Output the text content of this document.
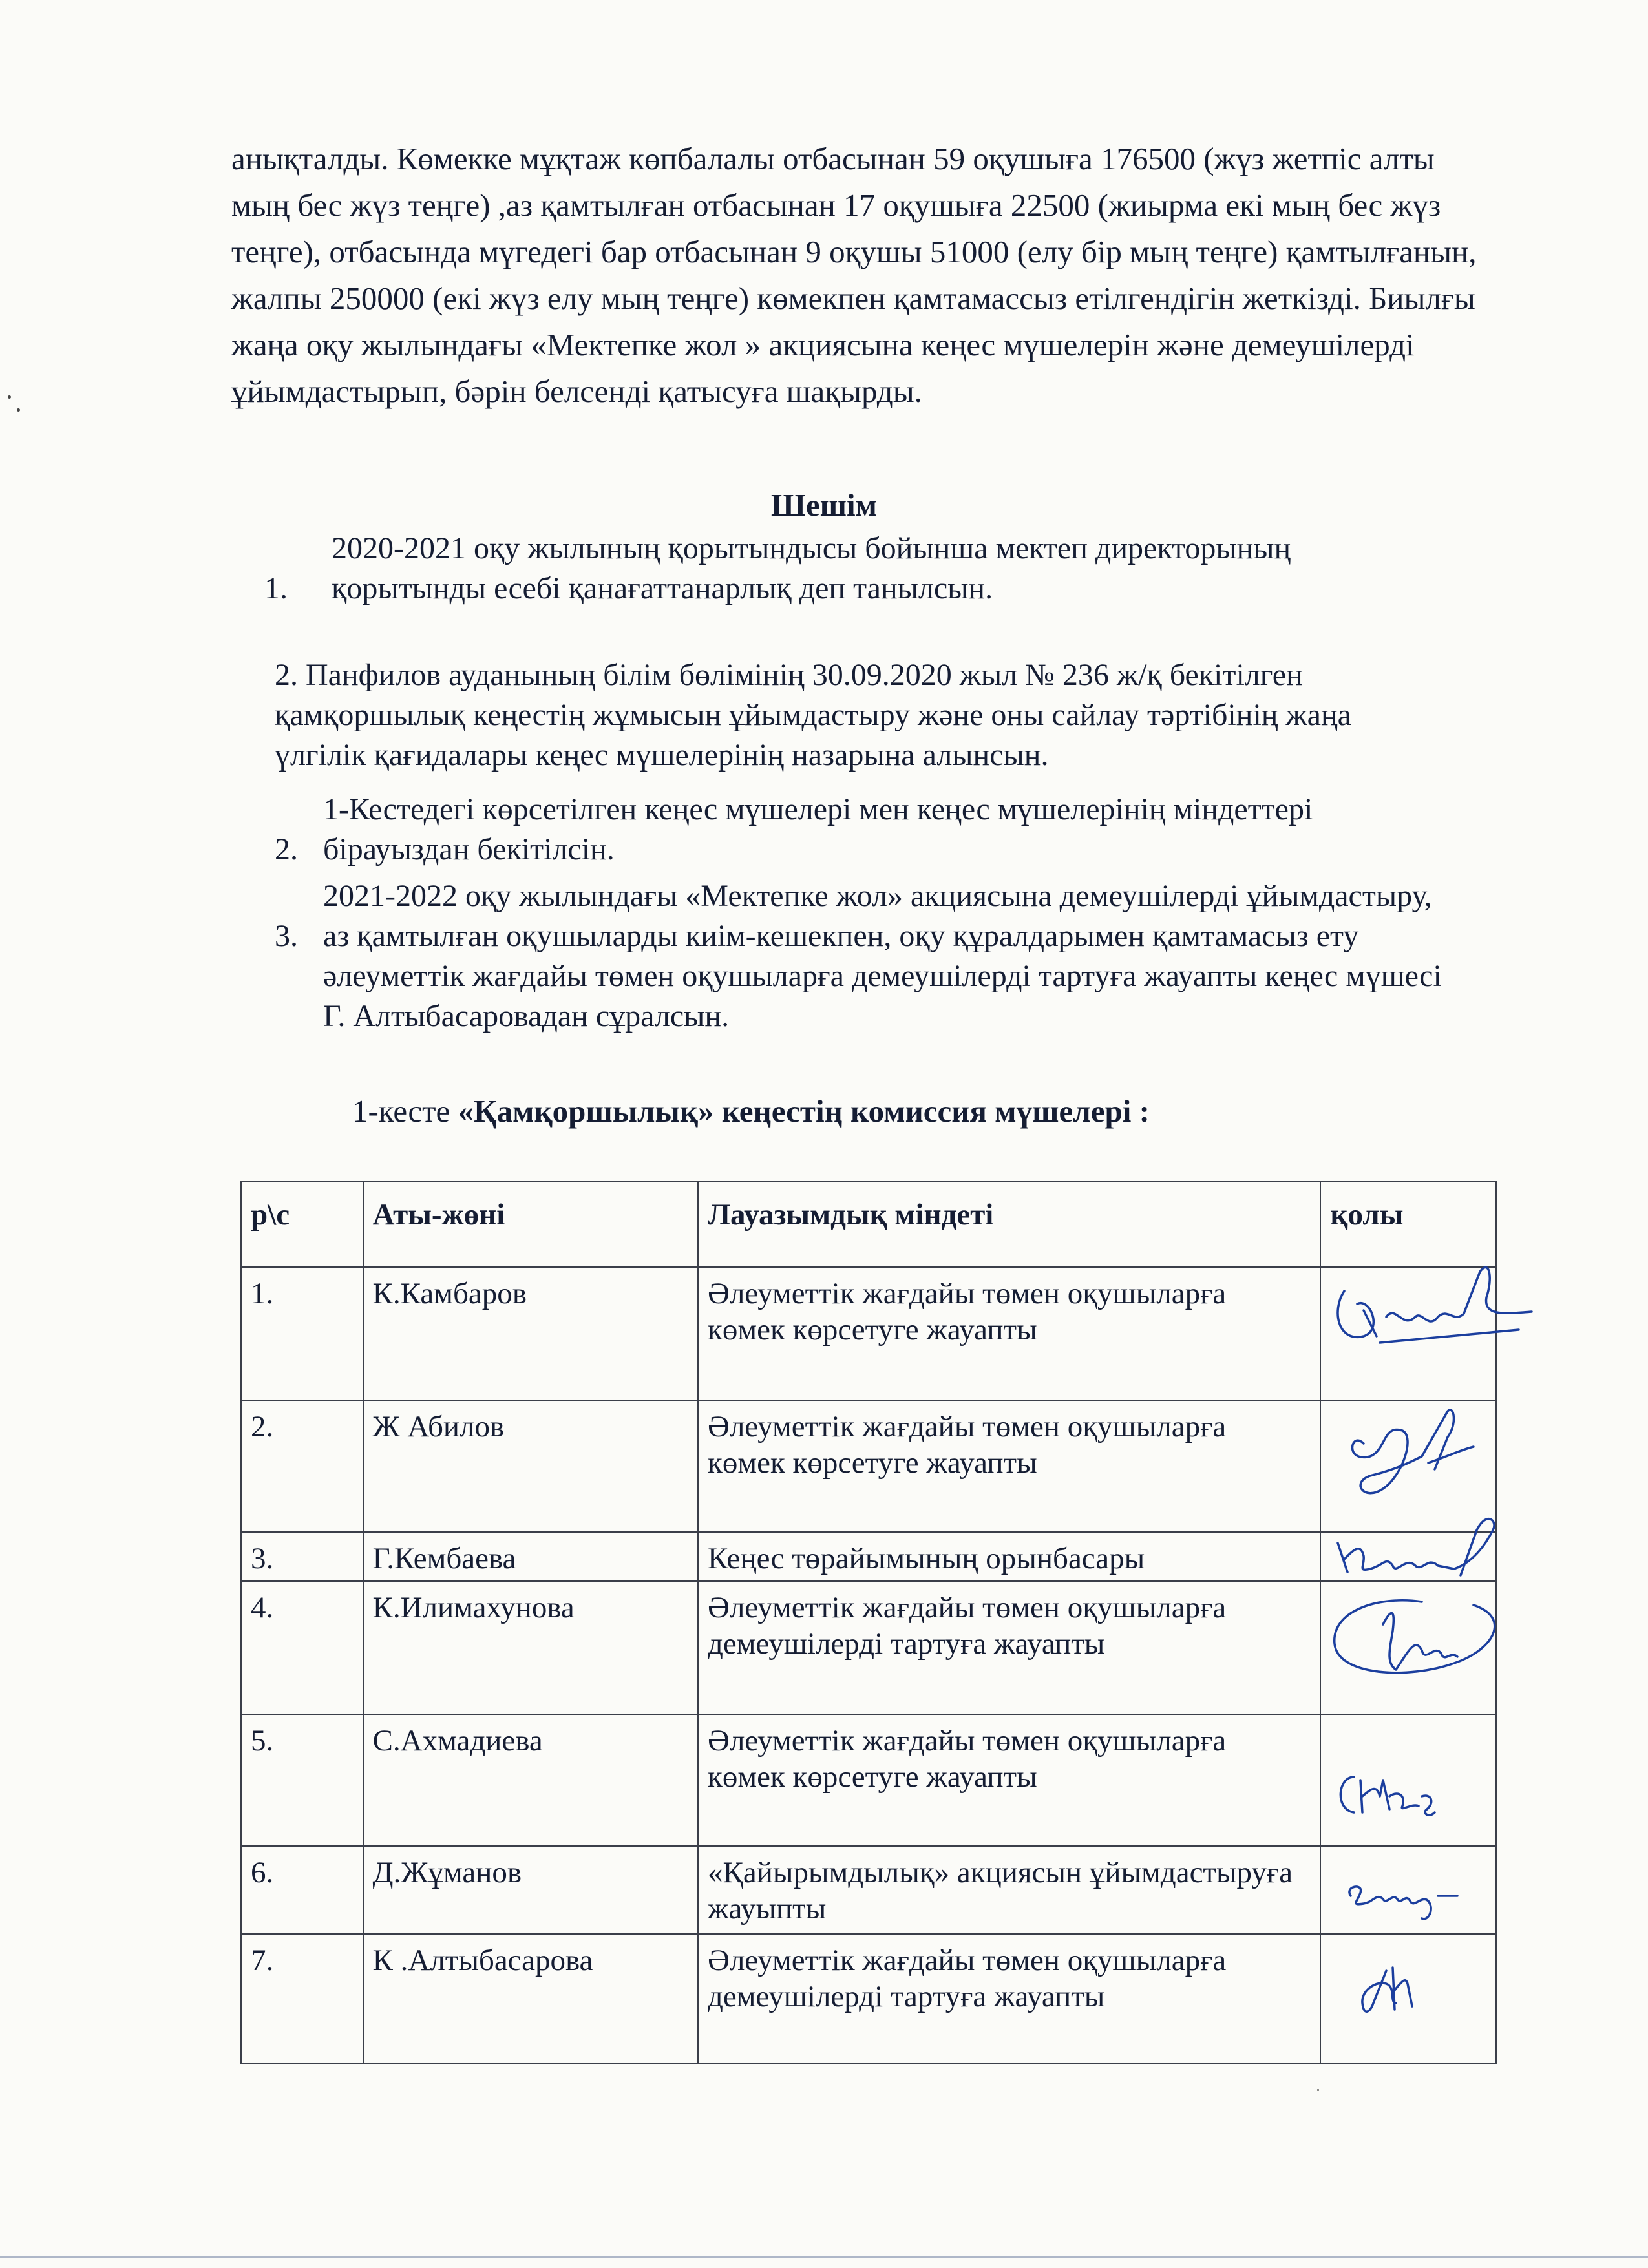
анықталды. Көмекке мұқтаж көпбалалы отбасынан 59 оқушыға 176500 (жүз жетпіс алты мың бес жүз теңге) ,аз қамтылған отбасынан 17 оқушыға 22500 (жиырма екі мың бес жүз теңге), отбасында мүгедегі бар отбасынан 9 оқушы 51000 (елу бір мың теңге) қамтылғанын, жалпы 250000 (екі жүз елу мың теңге) көмекпен қамтамассыз етілгендігін жеткізді. Биылғы жаңа оқу жылындағы «Мектепке жол » акциясына кеңес мүшелерін және демеушілерді ұйымдастырып, бәрін белсенді қатысуға шақырды.

Шешім

1.

2020-2021 оқу жылының қорытындысы бойынша мектеп директорының қорытынды есебі қанағаттанарлық деп танылсын.

2. Панфилов ауданының білім бөлімінің 30.09.2020 жыл № 236 ж/қ бекітілген қамқоршылық кеңестің жұмысын ұйымдастыру және оны сайлау тәртібінің жаңа үлгілік қағидалары кеңес мүшелерінің назарына алынсын.

2.

1-Кестедегі көрсетілген кеңес мүшелері мен кеңес мүшелерінің міндеттері бірауыздан бекітілсін.

3.

2021-2022 оқу жылындағы «Мектепке жол» акциясына демеушілерді ұйымдастыру, аз қамтылған оқушыларды киім-кешекпен, оқу құралдарымен қамтамасыз ету әлеуметтік жағдайы төмен оқушыларға демеушілерді тартуға жауапты кеңес мүшесі Г. Алтыбасаровадан сұралсын.

1-кесте «Қамқоршылық» кеңестің комиссия мүшелері :

р\с	Аты-жөні	Лауазымдық міндеті	қолы
1.	К.Камбаров	Әлеуметтік жағдайы төмен оқушыларға көмек көрсетуге жауапты	

2.	Ж Абилов	Әлеуметтік жағдайы төмен оқушыларға көмек көрсетуге жауапты	

3.	Г.Кембаева	Кеңес төрайымының орынбасары	

4.	К.Илимахунова	Әлеуметтік жағдайы төмен оқушыларға демеушілерді тартуға жауапты	

5.	С.Ахмадиева	Әлеуметтік жағдайы төмен оқушыларға көмек көрсетуге жауапты	

6.	Д.Жұманов	«Қайырымдылық» акциясын ұйымдастыруға жауыпты	

7.	К .Алтыбасарова	Әлеуметтік жағдайы төмен оқушыларға демеушілерді тартуға жауапты	
